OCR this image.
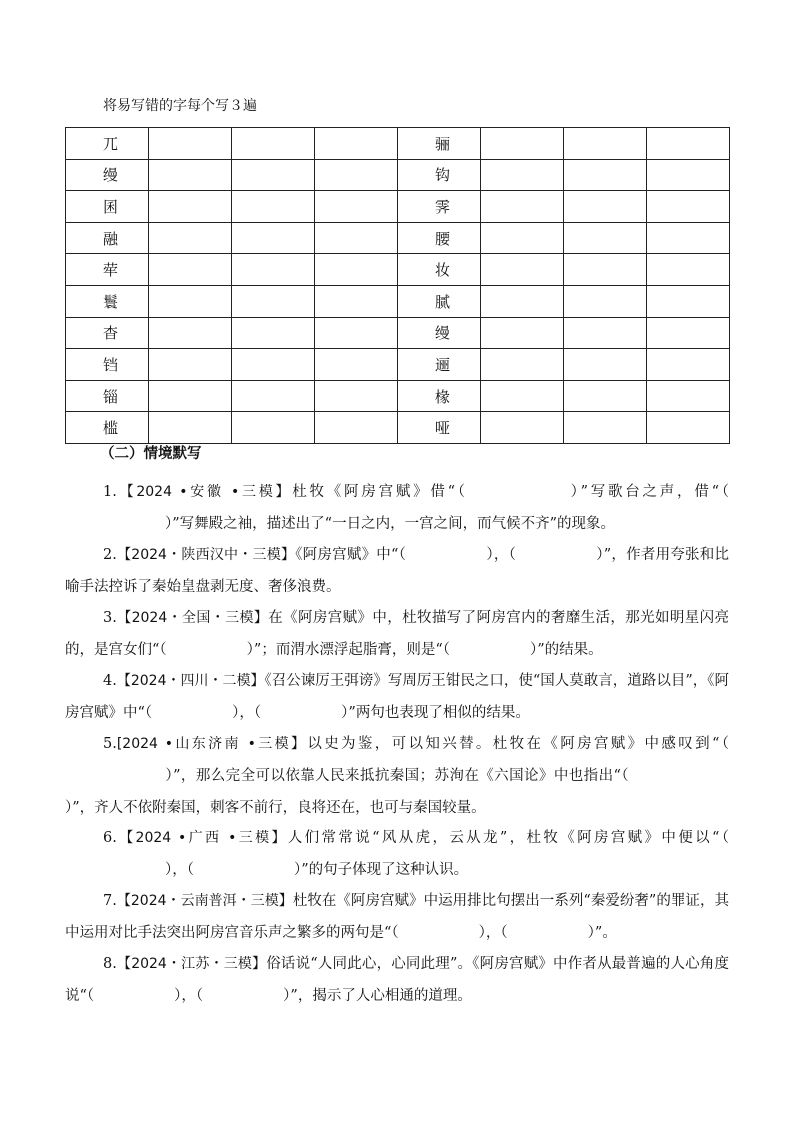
将易写错的字每个写３遍
兀				骊			
缦				钩			
囷				霁			
融				腰			
荦				妆			
鬟				腻			
杳				缦			
铛				逦			
锱				椽			
槛				哑			
（二）情境默写

1.【2024 •安徽 •三模】杜牧《阿房宫赋》借“（	）”写歌台之声，借“（）”写舞殿之袖，描述出了“一日之内，一宫之间，而气候不齐”的现象。

2.【2024・陕西汉中・三模】《阿房宫赋》中“（	），（	）”，作者用夸张和比喻手法控诉了秦始皇盘剥无度、奢侈浪费。

3.【2024・全国・三模】在《阿房宫赋》中，杜牧描写了阿房宫内的奢靡生活，那光如明星闪亮的，是宫女们“（	）”；而渭水漂浮起脂膏，则是“（	）”的结果。

4.【2024・四川・二模】《召公谏厉王弭谤》写周厉王钳民之口，使“国人莫敢言，道路以目”，《阿房宫赋》中“（	），（	）”两句也表现了相似的结果。

5.[2024 •山东济南 •三模】以史为鉴，可以知兴替。杜牧在《阿房宫赋》中感叹到“（）”，那么完全可以依靠人民来抵抗秦国；苏洵在《六国论》中也指出“（）”，齐人不依附秦国，刺客不前行，良将还在，也可与秦国较量。

6.【2024 •广西 •三模】人们常常说“风从虎，云从龙”，杜牧《阿房宫赋》中便以“（），（	）”的句子体现了这种认识。

7.【2024・云南普洱・三模】杜牧在《阿房宫赋》中运用排比句摆出一系列“秦爱纷奢”的罪证，其中运用对比手法突出阿房宫音乐声之繁多的两句是“（	），（	）”。

8.【2024・江苏・三模】俗话说“人同此心，心同此理”。《阿房宫赋》中作者从最普遍的人心角度说“（	），（	）”，揭示了人心相通的道理。
